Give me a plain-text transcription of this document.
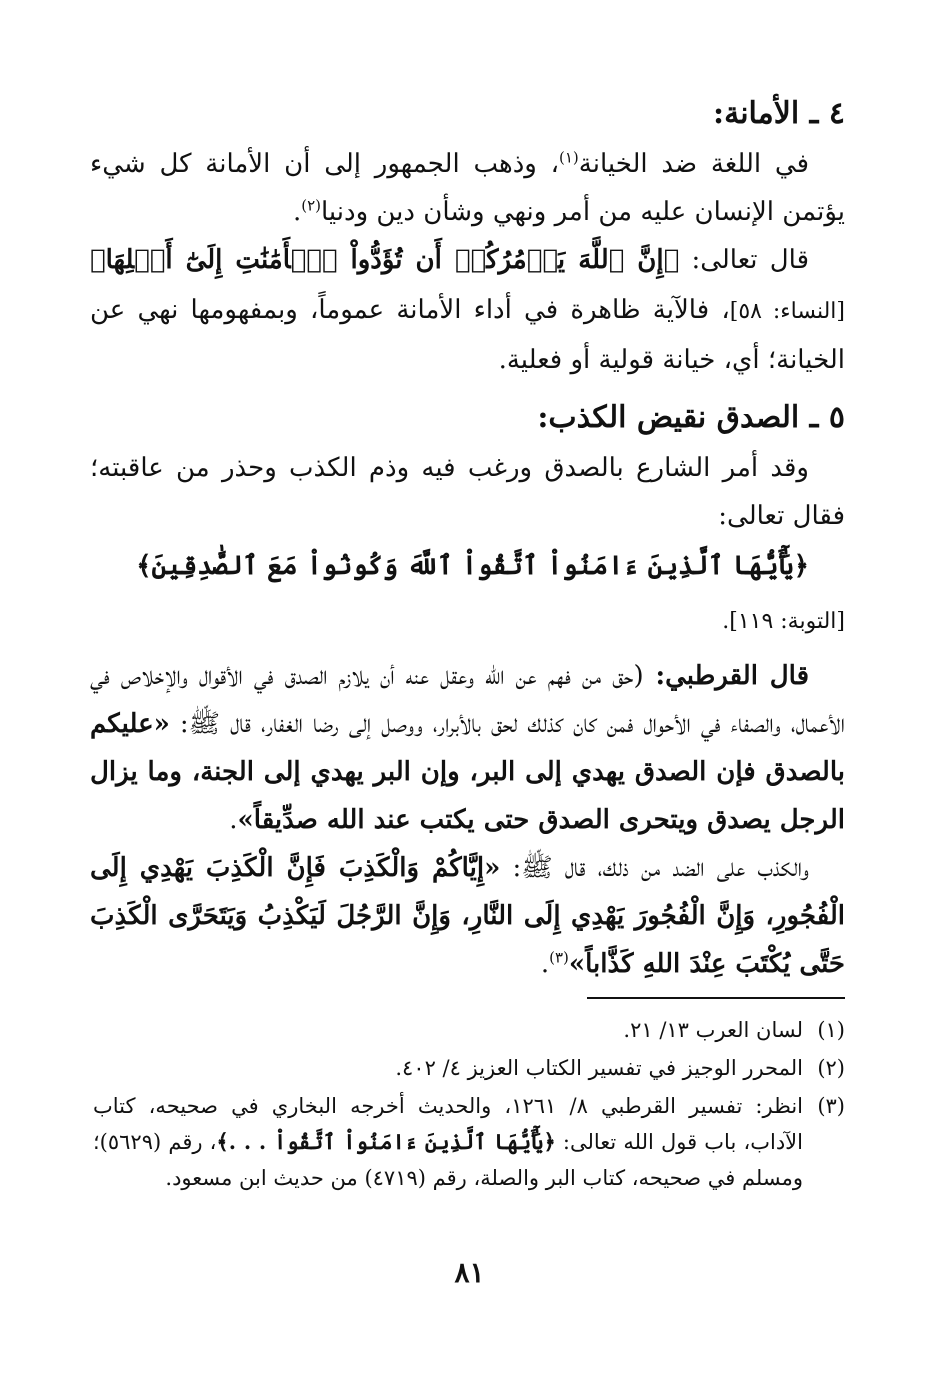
٤ ـ الأمانة:

في اللغة ضد الخيانة$^{(١)}$، وذهب الجمهور إلى أن الأمانة كل شيء يؤتمن الإنسان عليه من أمر ونهي وشأن دين ودنيا$^{(٢)}$.

قال تعالى: ﴿إِنَّ ٱللَّهَ يَأۡمُرُكُمۡ أَن تُؤَدُّواْ ٱلۡأَمَٰنَٰتِ إِلَىٰٓ أَهۡلِهَا﴾ [النساء: ٥٨]، فالآية ظاهرة في أداء الأمانة عموماً، وبمفهومها نهي عن الخيانة؛ أي، خيانة قولية أو فعلية.

٥ ـ الصدق نقيض الكذب:

وقد أمر الشارع بالصدق ورغب فيه وذم الكذب وحذر من عاقبته؛ فقال تعالى:

﴿يَٰٓأَيُّهَا ٱلَّذِينَ ءَامَنُواْ ٱتَّقُواْ ٱللَّهَ وَكُونُواْ مَعَ ٱلصَّٰدِقِينَ﴾ [التوبة: ١١٩].

قال القرطبي: (حق من فهم عن الله وعقل عنه أن يلازم الصدق في الأقوال والإخلاص في الأعمال، والصفاء في الأحوال فمن كان كذلك لحق بالأبرار، ووصل إلى رضا الغفار، قال ﷺ: «عليكم بالصدق فإن الصدق يهدي إلى البر، وإن البر يهدي إلى الجنة، وما يزال الرجل يصدق ويتحرى الصدق حتى يكتب عند الله صدِّيقاً».

والكذب على الضد من ذلك، قال ﷺ: «إِيَّاكُمْ وَالْكَذِبَ فَإِنَّ الْكَذِبَ يَهْدِي إِلَى الْفُجُورِ، وَإِنَّ الْفُجُورَ يَهْدِي إِلَى النَّارِ، وَإِنَّ الرَّجُلَ لَيَكْذِبُ وَيَتَحَرَّى الْكَذِبَ حَتَّى يُكْتَبَ عِنْدَ اللهِ كَذَّاباً»$^{(٣)}$.

(١)
لسان العرب ١٣/ ٢١.
(٢)
المحرر الوجيز في تفسير الكتاب العزيز ٤/ ٤٠٢.
(٣)
انظر: تفسير القرطبي ٨/ ١٢٦١، والحديث أخرجه البخاري في صحيحه، كتاب الآداب، باب قول الله تعالى: ﴿يَٰٓأَيُّهَا ٱلَّذِينَ ءَامَنُواْ ٱتَّقُواْ . . .﴾، رقم (٥٦٢٩)؛ ومسلم في صحيحه، كتاب البر والصلة، رقم (٤٧١٩) من حديث ابن مسعود.
٨١
